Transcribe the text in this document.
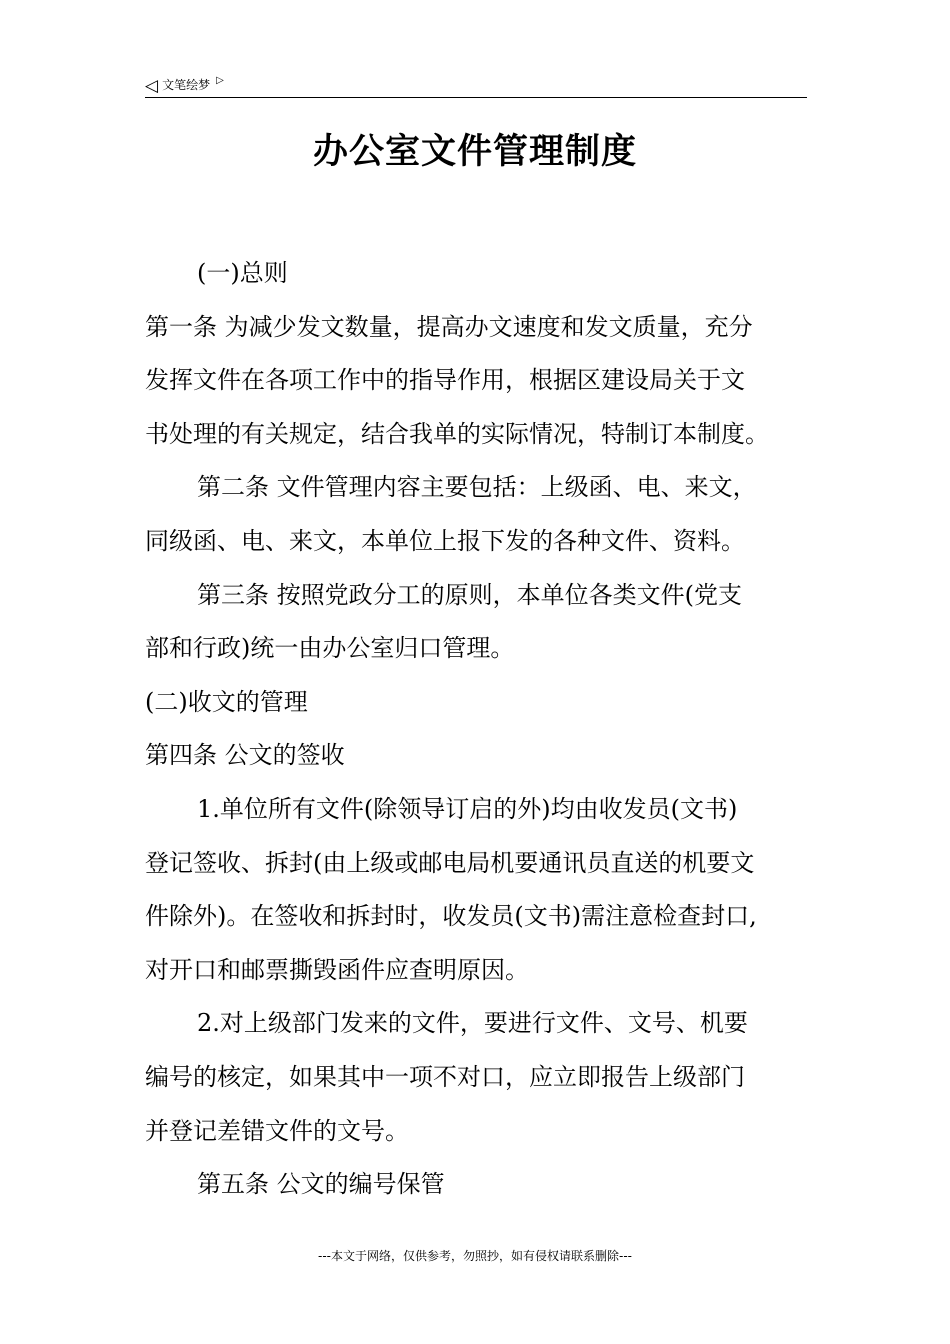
◁ 文笔绘梦 ▷
办公室文件管理制度

(一)总则

第一条 为减少发文数量，提高办文速度和发文质量，充分

发挥文件在各项工作中的指导作用，根据区建设局关于文

书处理的有关规定，结合我单的实际情况，特制订本制度。

第二条 文件管理内容主要包括：上级函、电、来文，

同级函、电、来文，本单位上报下发的各种文件、资料。

第三条 按照党政分工的原则，本单位各类文件(党支

部和行政)统一由办公室归口管理。

(二)收文的管理

第四条 公文的签收

1.单位所有文件(除领导订启的外)均由收发员(文书)

登记签收、拆封(由上级或邮电局机要通讯员直送的机要文

件除外)。在签收和拆封时，收发员(文书)需注意检查封口,

对开口和邮票撕毁函件应查明原因。

2.对上级部门发来的文件，要进行文件、文号、机要

编号的核定，如果其中一项不对口，应立即报告上级部门

并登记差错文件的文号。

第五条 公文的编号保管

---本文于网络，仅供参考，勿照抄，如有侵权请联系删除---
